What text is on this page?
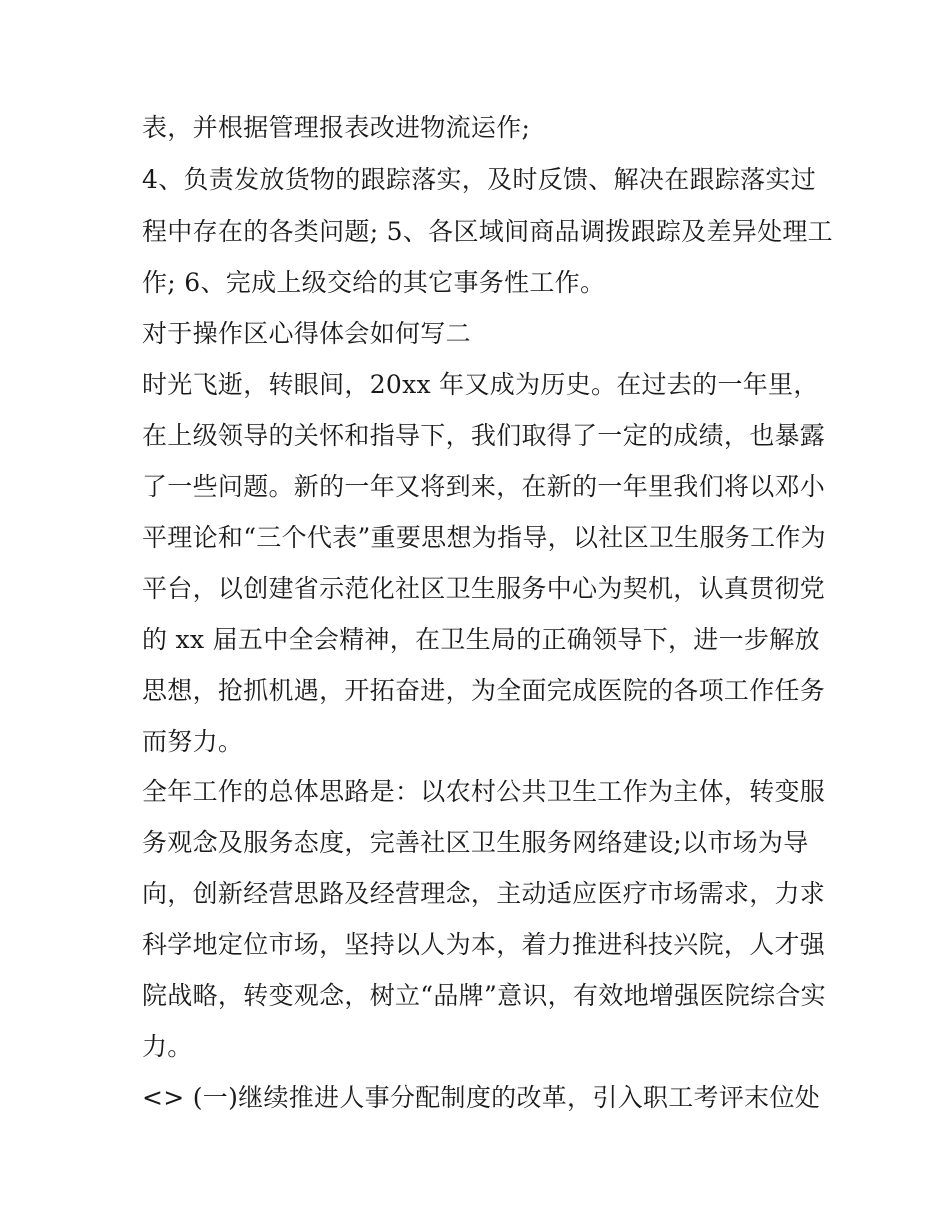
表，并根据管理报表改进物流运作;
4、负责发放货物的跟踪落实，及时反馈、解决在跟踪落实过
程中存在的各类问题; 5、各区域间商品调拨跟踪及差异处理工
作; 6、完成上级交给的其它事务性工作。
对于操作区心得体会如何写二
时光飞逝，转眼间，20xx 年又成为历史。在过去的一年里，
在上级领导的关怀和指导下，我们取得了一定的成绩，也暴露
了一些问题。新的一年又将到来，在新的一年里我们将以邓小
平理论和“三个代表”重要思想为指导，以社区卫生服务工作为
平台，以创建省示范化社区卫生服务中心为契机，认真贯彻党
的 xx 届五中全会精神，在卫生局的正确领导下，进一步解放
思想，抢抓机遇，开拓奋进，为全面完成医院的各项工作任务
而努力。
全年工作的总体思路是：以农村公共卫生工作为主体，转变服
务观念及服务态度，完善社区卫生服务网络建设;以市场为导
向，创新经营思路及经营理念，主动适应医疗市场需求，力求
科学地定位市场，坚持以人为本，着力推进科技兴院，人才强
院战略，转变观念，树立“品牌”意识，有效地增强医院综合实
力。
<> (一)继续推进人事分配制度的改革，引入职工考评末位处
